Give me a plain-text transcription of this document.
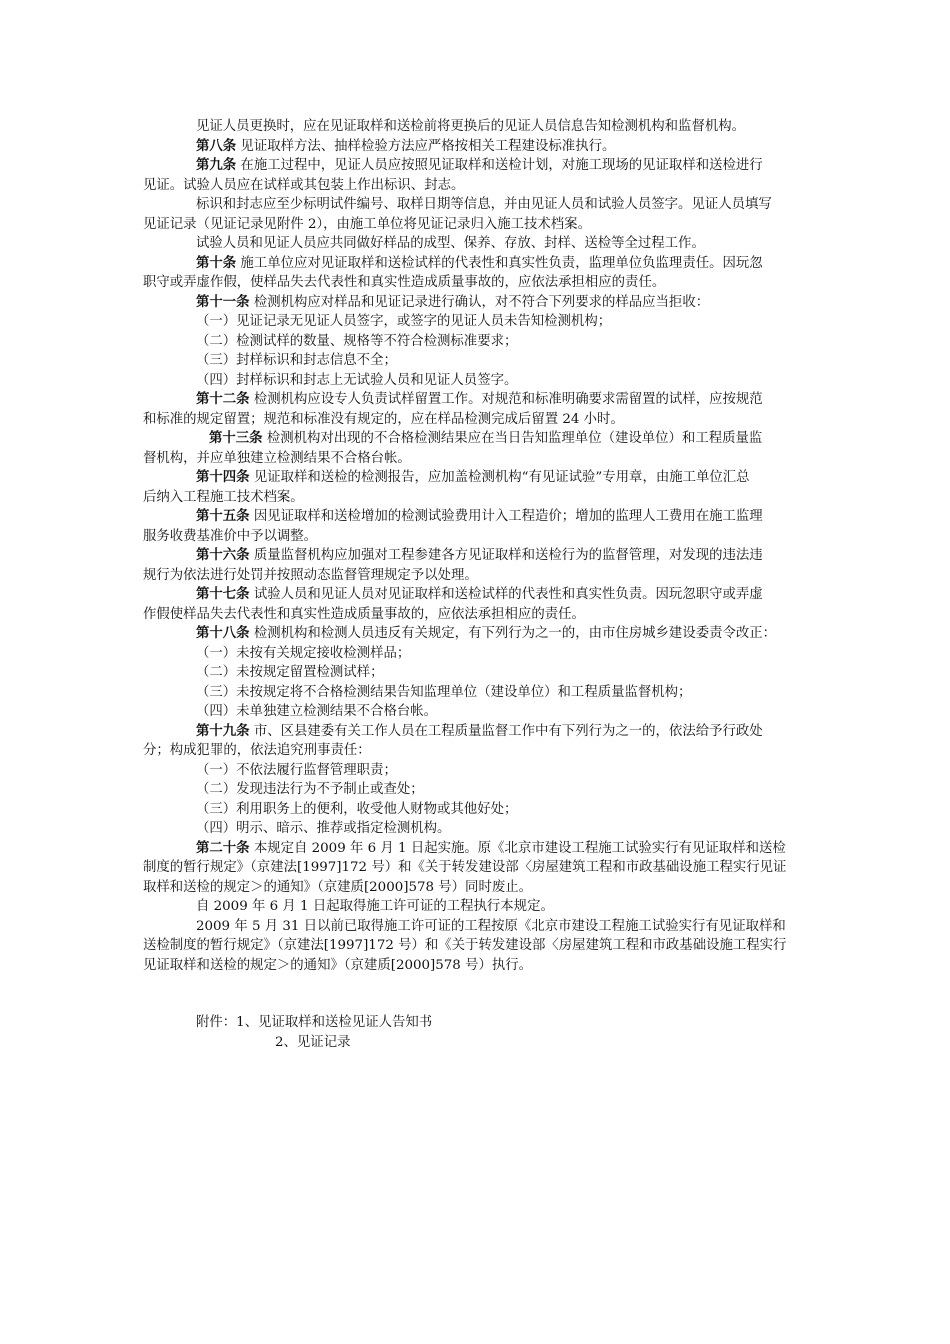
见证人员更换时，应在见证取样和送检前将更换后的见证人员信息告知检测机构和监督机构。

第八条 见证取样方法、抽样检验方法应严格按相关工程建设标准执行。

第九条 在施工过程中，见证人员应按照见证取样和送检计划，对施工现场的见证取样和送检进行

见证。试验人员应在试样或其包装上作出标识、封志。

标识和封志应至少标明试件编号、取样日期等信息，并由见证人员和试验人员签字。见证人员填写

见证记录（见证记录见附件 2），由施工单位将见证记录归入施工技术档案。

试验人员和见证人员应共同做好样品的成型、保养、存放、封样、送检等全过程工作。

第十条 施工单位应对见证取样和送检试样的代表性和真实性负责，监理单位负监理责任。因玩忽

职守或弄虚作假，使样品失去代表性和真实性造成质量事故的，应依法承担相应的责任。

第十一条 检测机构应对样品和见证记录进行确认，对不符合下列要求的样品应当拒收：

（一）见证记录无见证人员签字，或签字的见证人员未告知检测机构；

（二）检测试样的数量、规格等不符合检测标准要求；

（三）封样标识和封志信息不全；

（四）封样标识和封志上无试验人员和见证人员签字。

第十二条 检测机构应设专人负责试样留置工作。对规范和标准明确要求需留置的试样，应按规范

和标准的规定留置；规范和标准没有规定的，应在样品检测完成后留置 24 小时。

第十三条 检测机构对出现的不合格检测结果应在当日告知监理单位（建设单位）和工程质量监

督机构，并应单独建立检测结果不合格台帐。

第十四条 见证取样和送检的检测报告，应加盖检测机构“有见证试验”专用章，由施工单位汇总

后纳入工程施工技术档案。

第十五条 因见证取样和送检增加的检测试验费用计入工程造价；增加的监理人工费用在施工监理

服务收费基准价中予以调整。

第十六条 质量监督机构应加强对工程参建各方见证取样和送检行为的监督管理，对发现的违法违

规行为依法进行处罚并按照动态监督管理规定予以处理。

第十七条 试验人员和见证人员对见证取样和送检试样的代表性和真实性负责。因玩忽职守或弄虚

作假使样品失去代表性和真实性造成质量事故的，应依法承担相应的责任。

第十八条 检测机构和检测人员违反有关规定，有下列行为之一的，由市住房城乡建设委责令改正：

（一）未按有关规定接收检测样品；

（二）未按规定留置检测试样；

（三）未按规定将不合格检测结果告知监理单位（建设单位）和工程质量监督机构；

（四）未单独建立检测结果不合格台帐。

第十九条 市、区县建委有关工作人员在工程质量监督工作中有下列行为之一的，依法给予行政处

分；构成犯罪的，依法追究刑事责任：

（一）不依法履行监督管理职责；

（二）发现违法行为不予制止或查处；

（三）利用职务上的便利，收受他人财物或其他好处；

（四）明示、暗示、推荐或指定检测机构。

第二十条 本规定自 2009 年 6 月 1 日起实施。原《北京市建设工程施工试验实行有见证取样和送检

制度的暂行规定》（京建法[1997]172 号）和《关于转发建设部〈房屋建筑工程和市政基础设施工程实行见证

取样和送检的规定＞的通知》（京建质[2000]578 号）同时废止。

自 2009 年 6 月 1 日起取得施工许可证的工程执行本规定。

2009 年 5 月 31 日以前已取得施工许可证的工程按原《北京市建设工程施工试验实行有见证取样和

送检制度的暂行规定》（京建法[1997]172 号）和《关于转发建设部〈房屋建筑工程和市政基础设施工程实行

见证取样和送检的规定＞的通知》（京建质[2000]578 号）执行。

附件：1、见证取样和送检见证人告知书

2、见证记录
